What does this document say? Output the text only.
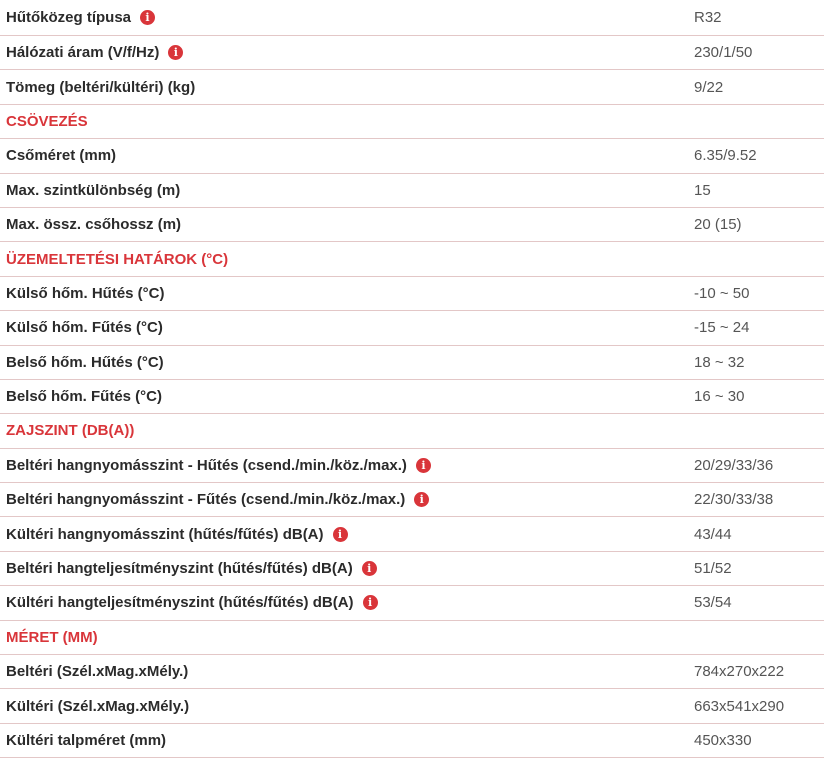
Hűtőközeg típusa	i	R32
Hálózati áram (V/f/Hz)	i	230/1/50
Tömeg (beltéri/kültéri) (kg)	9/22
CSÖVEZÉS
Csőméret (mm)	6.35/9.52
Max. szintkülönbség (m)	15
Max. össz. csőhossz (m)	20 (15)
ÜZEMELTETÉSI HATÁROK (°C)
Külső hőm. Hűtés (°C)	-10 ~ 50
Külső hőm. Fűtés (°C)	-15 ~ 24
Belső hőm. Hűtés (°C)	18 ~ 32
Belső hőm. Fűtés (°C)	16 ~ 30
ZAJSZINT (DB(A))
Beltéri hangnyomásszint - Hűtés (csend./min./köz./max.)	i	20/29/33/36
Beltéri hangnyomásszint - Fűtés (csend./min./köz./max.)	i	22/30/33/38
Kültéri hangnyomásszint (hűtés/fűtés) dB(A)	i	43/44
Beltéri hangteljesítményszint (hűtés/fűtés) dB(A)	i	51/52
Kültéri hangteljesítményszint (hűtés/fűtés) dB(A)	i	53/54
MÉRET (MM)
Beltéri (Szél.xMag.xMély.)	784x270x222
Kültéri (Szél.xMag.xMély.)	663x541x290
Kültéri talpméret (mm)	450x330
